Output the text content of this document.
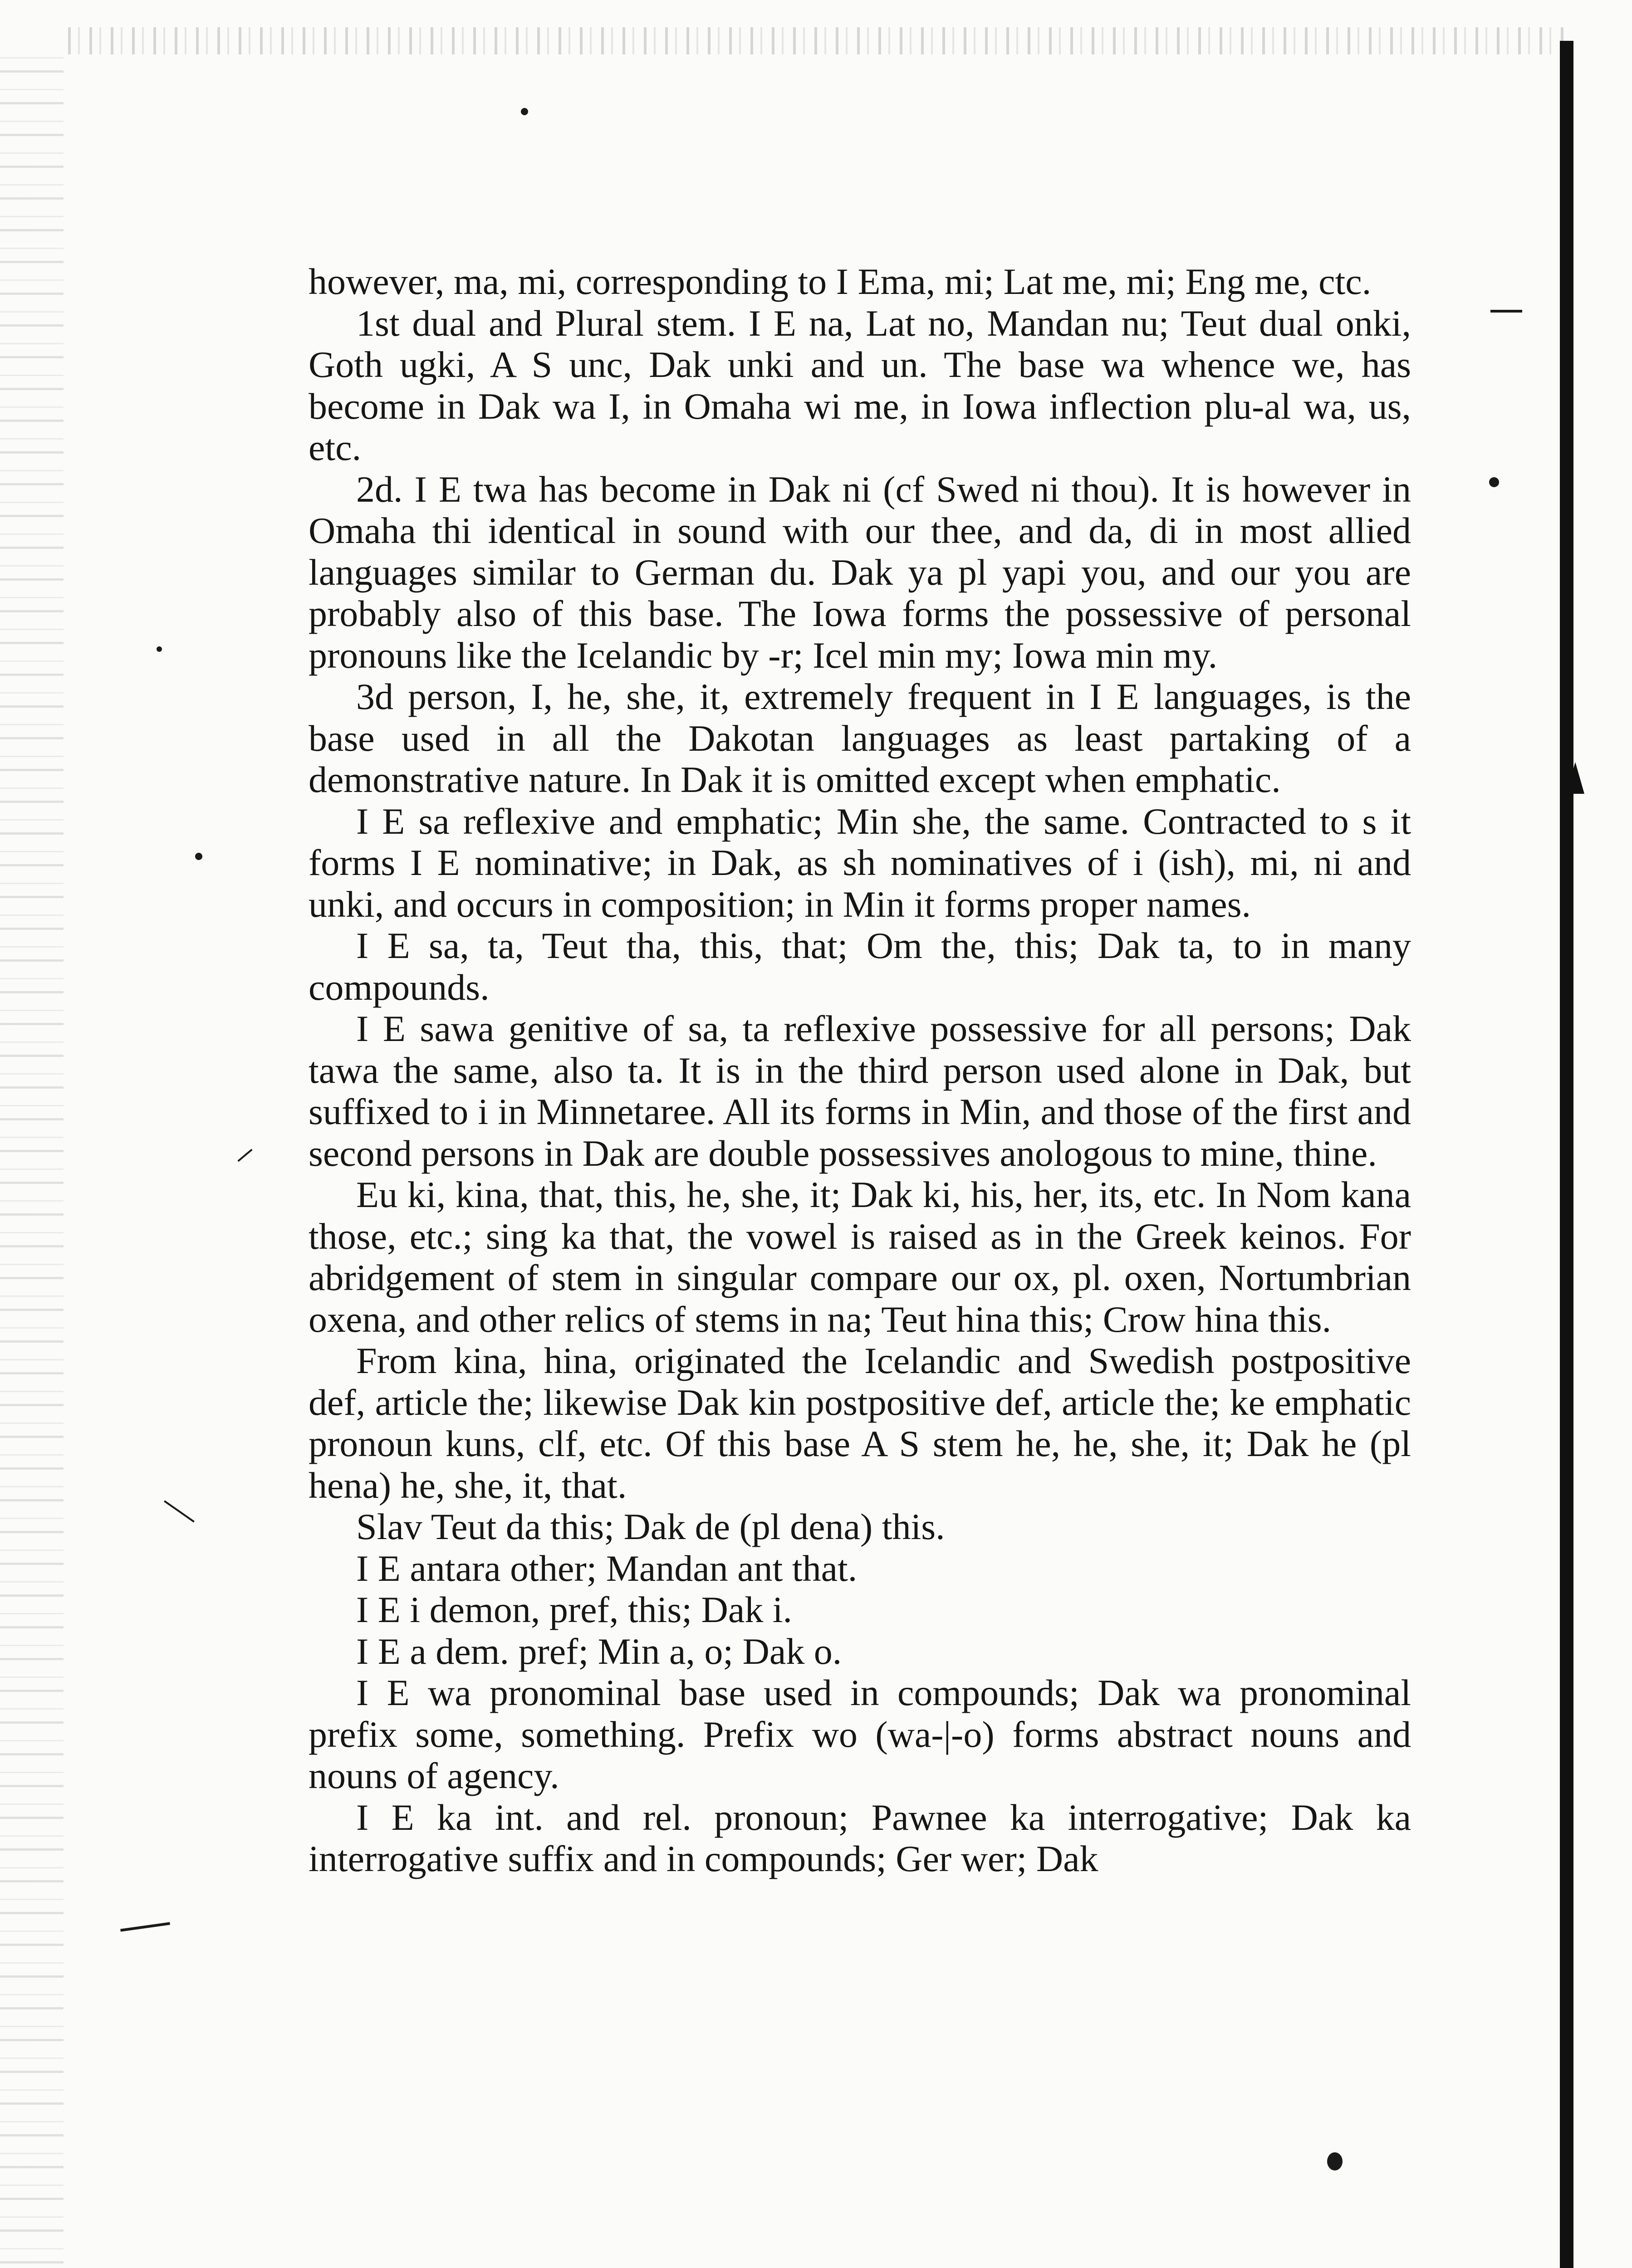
however, ma, mi, corresponding to I Ema, mi; Lat me, mi; Eng me, ctc.

1st dual and Plural stem. I E na, Lat no, Mandan nu; Teut dual onki, Goth ugki, A S unc, Dak unki and un. The base wa whence we, has become in Dak wa I, in Omaha wi me, in Iowa inflection plu-al wa, us, etc.

2d. I E twa has become in Dak ni (cf Swed ni thou). It is however in Omaha thi identical in sound with our thee, and da, di in most allied languages similar to German du. Dak ya pl yapi you, and our you are probably also of this base. The Iowa forms the possessive of personal pronouns like the Icelandic by -r; Icel min my; Iowa min my.

3d person, I, he, she, it, extremely frequent in I E languages, is the base used in all the Dakotan languages as least partaking of a demonstrative nature. In Dak it is omitted except when emphatic.

I E sa reflexive and emphatic; Min she, the same. Contracted to s it forms I E nominative; in Dak, as sh nominatives of i (ish), mi, ni and unki, and occurs in composition; in Min it forms proper names.

I E sa, ta, Teut tha, this, that; Om the, this; Dak ta, to in many compounds.

I E sawa genitive of sa, ta reflexive possessive for all persons; Dak tawa the same, also ta. It is in the third person used alone in Dak, but suffixed to i in Minnetaree. All its forms in Min, and those of the first and second persons in Dak are double possessives anologous to mine, thine.

Eu ki, kina, that, this, he, she, it; Dak ki, his, her, its, etc. In Nom kana those, etc.; sing ka that, the vowel is raised as in the Greek keinos. For abridgement of stem in singular compare our ox, pl. oxen, Nortumbrian oxena, and other relics of stems in na; Teut hina this; Crow hina this.

From kina, hina, originated the Icelandic and Swedish postpositive def, article the; likewise Dak kin postpositive def, article the; ke emphatic pronoun kuns, clf, etc. Of this base A S stem he, he, she, it; Dak he (pl hena) he, she, it, that.

Slav Teut da this; Dak de (pl dena) this.

I E antara other; Mandan ant that.

I E i demon, pref, this; Dak i.

I E a dem. pref; Min a, o; Dak o.

I E wa pronominal base used in compounds; Dak wa pronominal prefix some, something. Prefix wo (wa-|-o) forms abstract nouns and nouns of agency.

I E ka int. and rel. pronoun; Pawnee ka interrogative; Dak ka interrogative suffix and in compounds; Ger wer; Dak
